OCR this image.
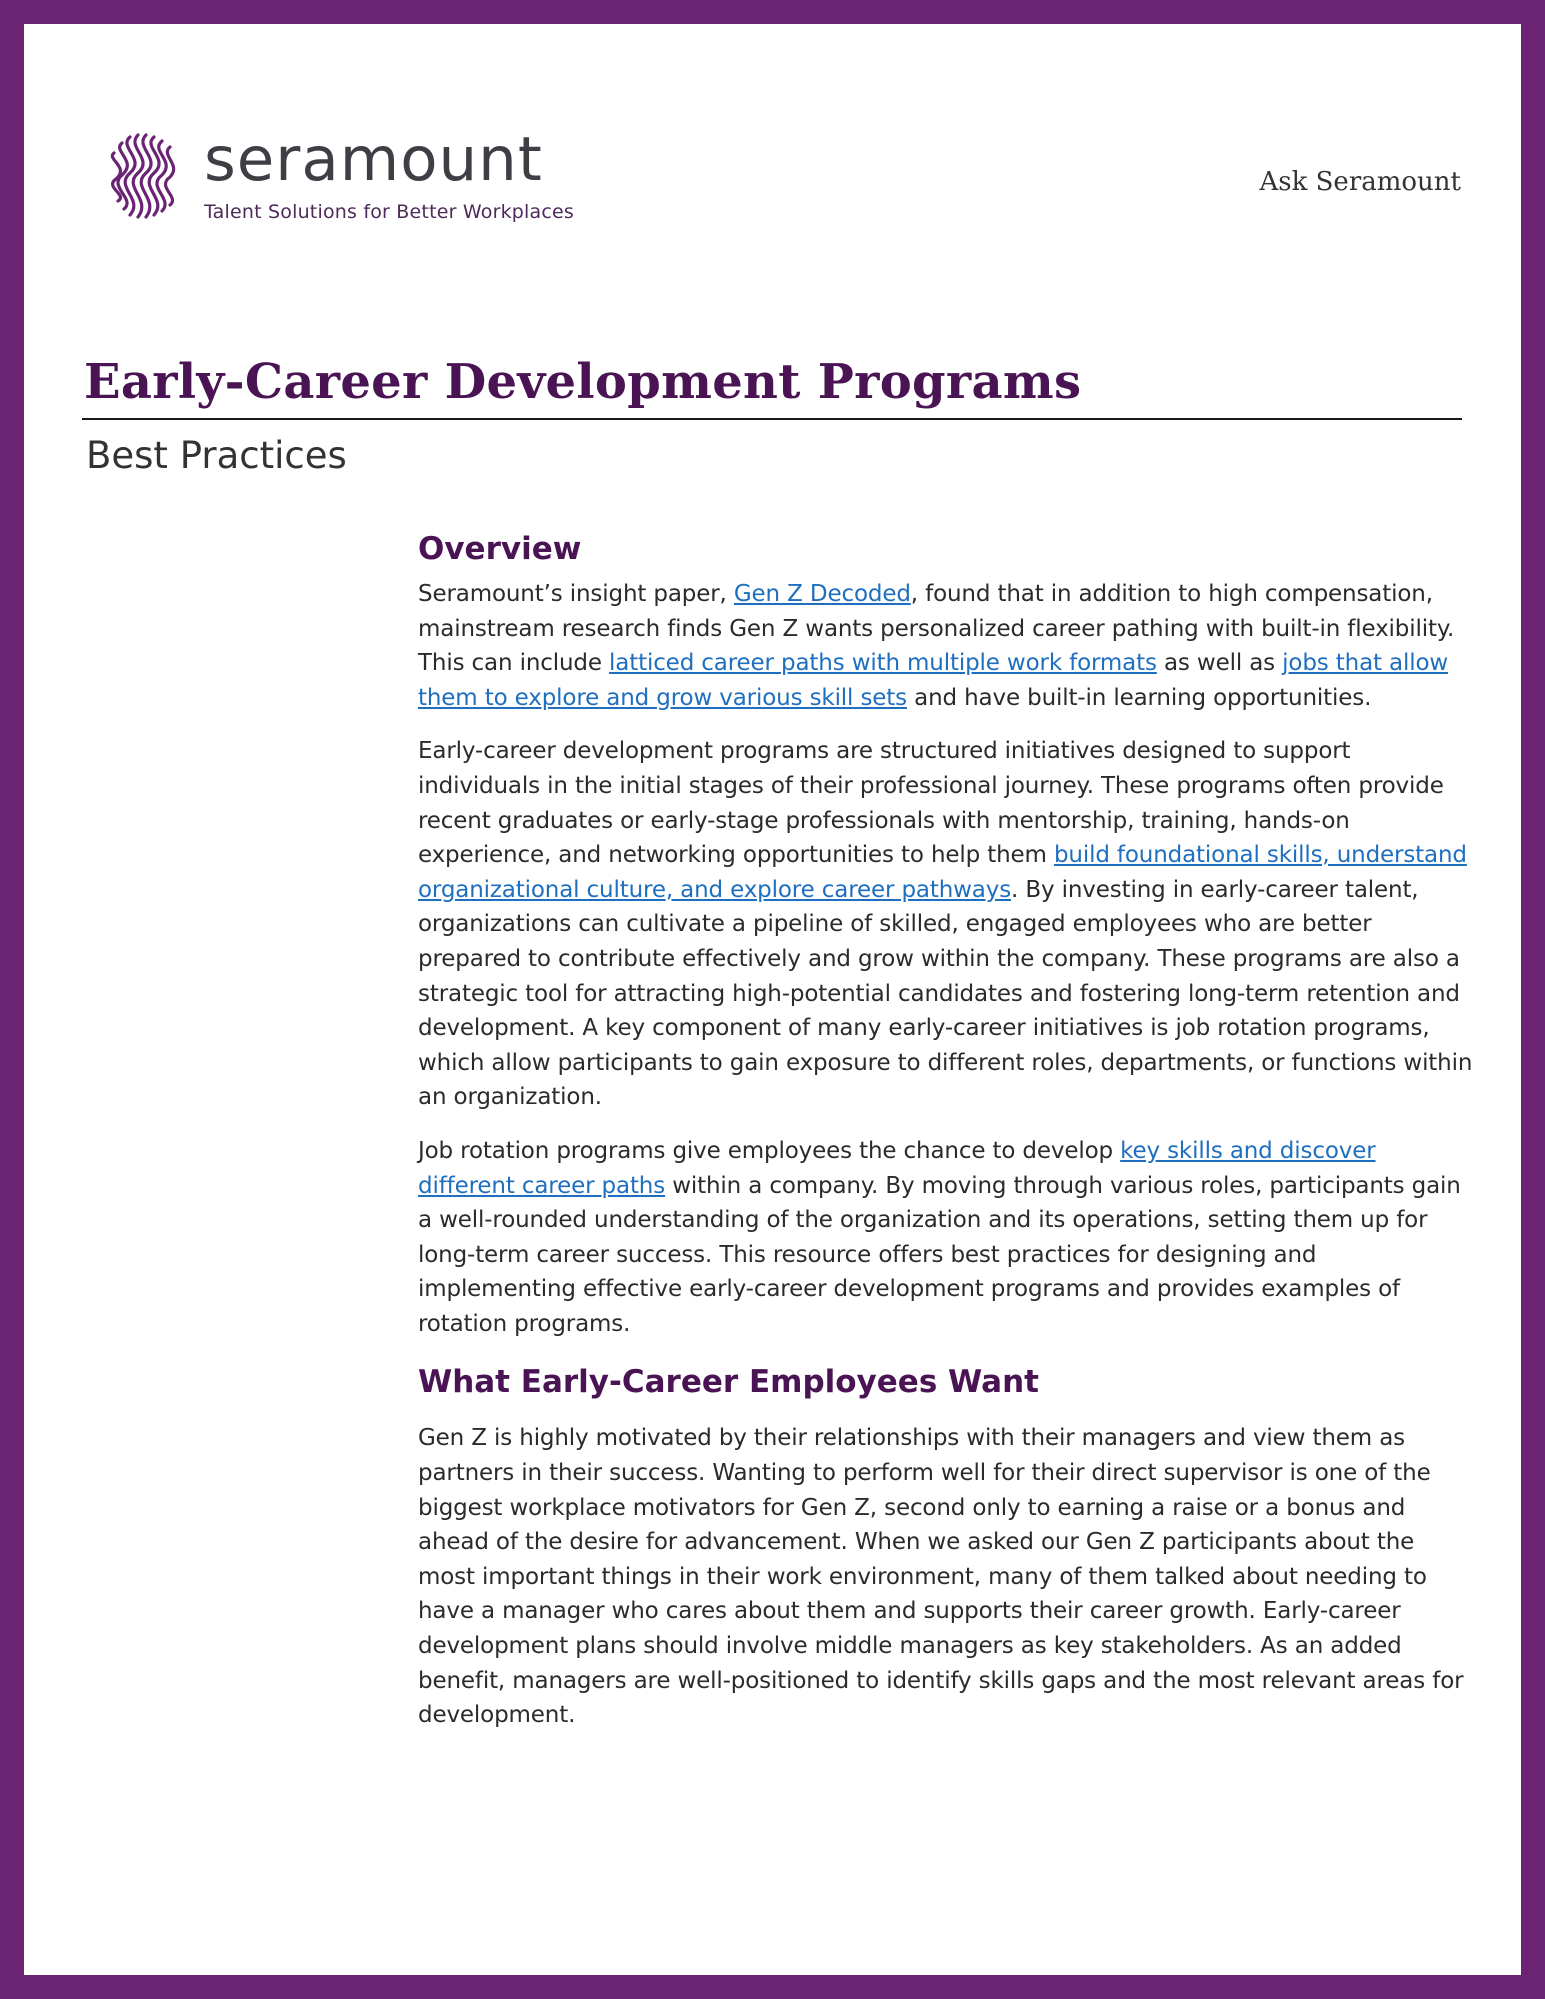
seramount
Talent Solutions for Better Workplaces
Ask Seramount
Early-Career Development Programs
Best Practices
Overview

Seramount’s insight paper, Gen Z Decoded, found that in addition to high compensation, mainstream research finds Gen Z wants personalized career pathing with built-in flexibility. This can include latticed career paths with multiple work formats as well as jobs that allow them to explore and grow various skill sets and have built-in learning opportunities.

Early-career development programs are structured initiatives designed to support individuals in the initial stages of their professional journey. These programs often provide recent graduates or early-stage professionals with mentorship, training, hands-on experience, and networking opportunities to help them build foundational skills, understand organizational culture, and explore career pathways. By investing in early-career talent, organizations can cultivate a pipeline of skilled, engaged employees who are better prepared to contribute effectively and grow within the company. These programs are also a strategic tool for attracting high-potential candidates and fostering long-term retention and development. A key component of many early-career initiatives is job rotation programs, which allow participants to gain exposure to different roles, departments, or functions within an organization.

Job rotation programs give employees the chance to develop key skills and discover different career paths within a company. By moving through various roles, participants gain a well-rounded understanding of the organization and its operations, setting them up for long-term career success. This resource offers best practices for designing and implementing effective early-career development programs and provides examples of rotation programs.

What Early-Career Employees Want

Gen Z is highly motivated by their relationships with their managers and view them as partners in their success. Wanting to perform well for their direct supervisor is one of the biggest workplace motivators for Gen Z, second only to earning a raise or a bonus and ahead of the desire for advancement. When we asked our Gen Z participants about the most important things in their work environment, many of them talked about needing to have a manager who cares about them and supports their career growth. Early-career development plans should involve middle managers as key stakeholders. As an added benefit, managers are well-positioned to identify skills gaps and the most relevant areas for development.
